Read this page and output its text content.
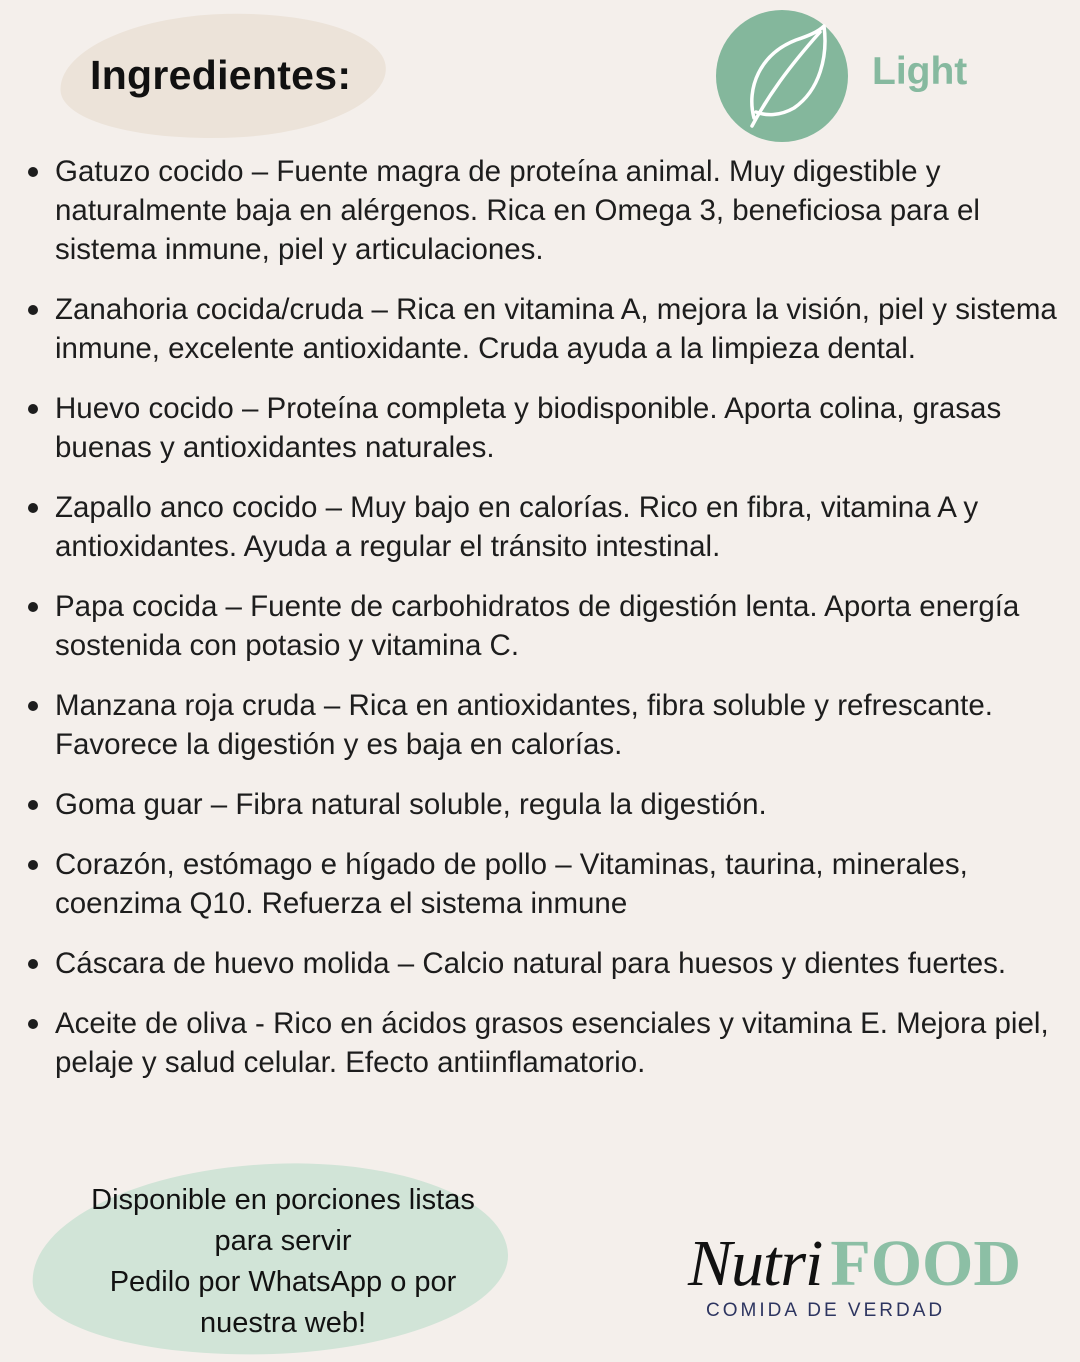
Ingredientes:	Light
Gatuzo cocido – Fuente magra de proteína animal. Muy digestible y naturalmente baja en alérgenos. Rica en Omega 3, beneficiosa para el sistema inmune, piel y articulaciones.
Zanahoria cocida/cruda – Rica en vitamina A, mejora la visión, piel y sistema inmune, excelente antioxidante. Cruda ayuda a la limpieza dental.
Huevo cocido – Proteína completa y biodisponible. Aporta colina, grasas buenas y antioxidantes naturales.
Zapallo anco cocido – Muy bajo en calorías. Rico en fibra, vitamina A y antioxidantes. Ayuda a regular el tránsito intestinal.
Papa cocida – Fuente de carbohidratos de digestión lenta. Aporta energía sostenida con potasio y vitamina C.
Manzana roja cruda – Rica en antioxidantes, fibra soluble y refrescante. Favorece la digestión y es baja en calorías.
Goma guar – Fibra natural soluble, regula la digestión.
Corazón, estómago e hígado de pollo – Vitaminas, taurina, minerales, coenzima Q10. Refuerza el sistema inmune
Cáscara de huevo molida – Calcio natural para huesos y dientes fuertes.
Aceite de oliva - Rico en ácidos grasos esenciales y vitamina E. Mejora piel, pelaje y salud celular. Efecto antiinflamatorio.
Disponible en porciones listas
para servir
Pedilo por WhatsApp o por
nuestra web!
Nutri FOOD
COMIDA DE VERDAD
